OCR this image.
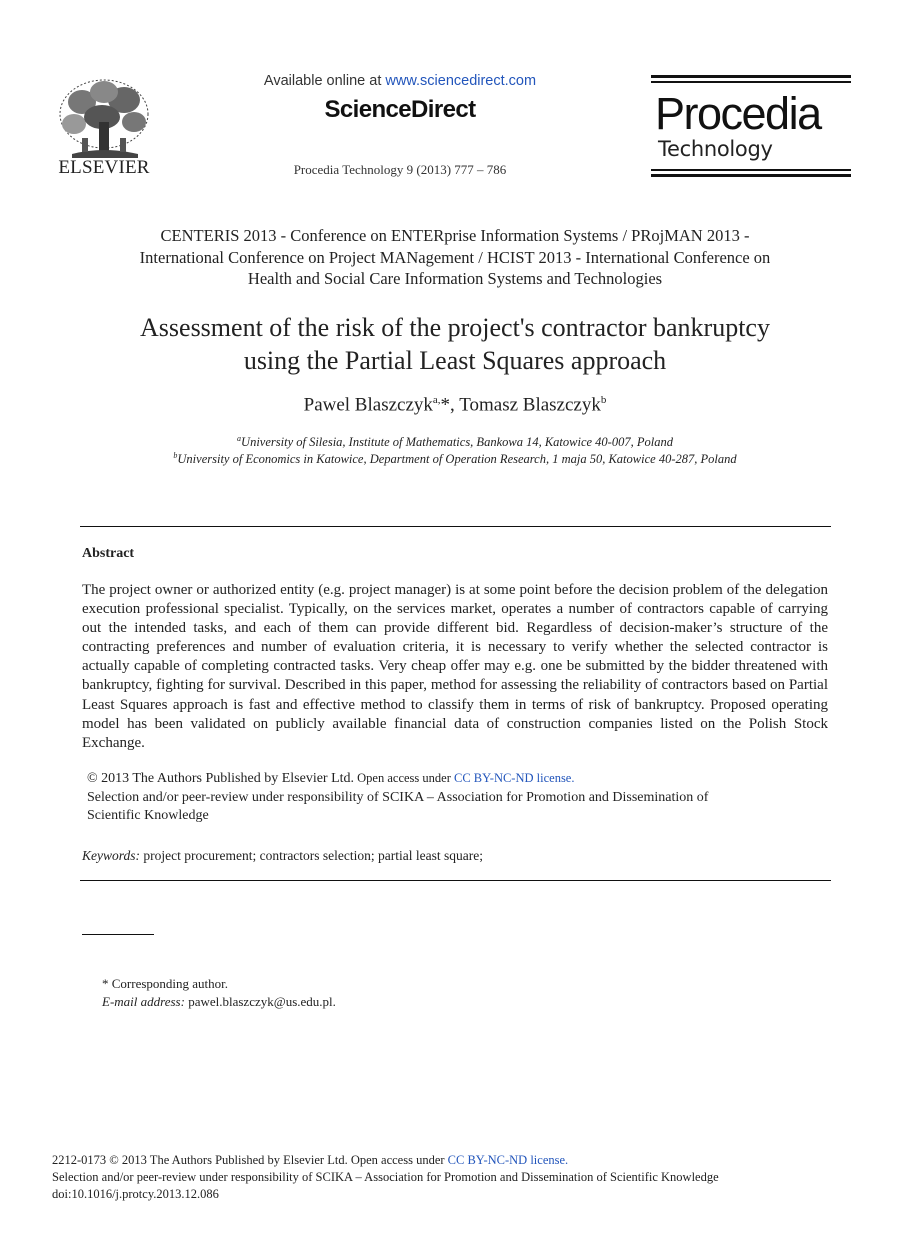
ELSEVIER
Available online at www.sciencedirect.com
ScienceDirect
Procedia Technology 9 (2013) 777 – 786
Procedia
Technology
CENTERIS 2013 - Conference on ENTERprise Information Systems / PRojMAN 2013 -
International Conference on Project MANagement / HCIST 2013 - International Conference on
Health and Social Care Information Systems and Technologies
Assessment of the risk of the project's contractor bankruptcy
using the Partial Least Squares approach
Pawel Blaszczyk$^{a,}$*, Tomasz Blaszczyk$^b$
$^a$University of Silesia, Institute of Mathematics, Bankowa 14, Katowice 40-007, Poland
$^b$University of Economics in Katowice, Department of Operation Research, 1 maja 50, Katowice 40-287, Poland
Abstract
The project owner or authorized entity (e.g. project manager) is at some point before the decision problem of the delegation execution professional specialist. Typically, on the services market, operates a number of contractors capable of carrying out the intended tasks, and each of them can provide different bid. Regardless of decision-maker’s structure of the contracting preferences and number of evaluation criteria, it is necessary to verify whether the selected contractor is actually capable of completing contracted tasks. Very cheap offer may e.g. one be submitted by the bidder threatened with bankruptcy, fighting for survival. Described in this paper, method for assessing the reliability of contractors based on Partial Least Squares approach is fast and effective method to classify them in terms of risk of bankruptcy. Proposed operating model has been validated on publicly available financial data of construction companies listed on the Polish Stock Exchange.
© 2013 The Authors Published by Elsevier Ltd. Open access under CC BY-NC-ND license.
Selection and/or peer-review under responsibility of SCIKA – Association for Promotion and Dissemination of
Scientific Knowledge
Keywords: project procurement; contractors selection; partial least square;
* Corresponding author.
E-mail address: pawel.blaszczyk@us.edu.pl.
2212-0173 © 2013 The Authors Published by Elsevier Ltd. Open access under CC BY-NC-ND license.
Selection and/or peer-review under responsibility of SCIKA – Association for Promotion and Dissemination of Scientific Knowledge
doi:10.1016/j.protcy.2013.12.086
